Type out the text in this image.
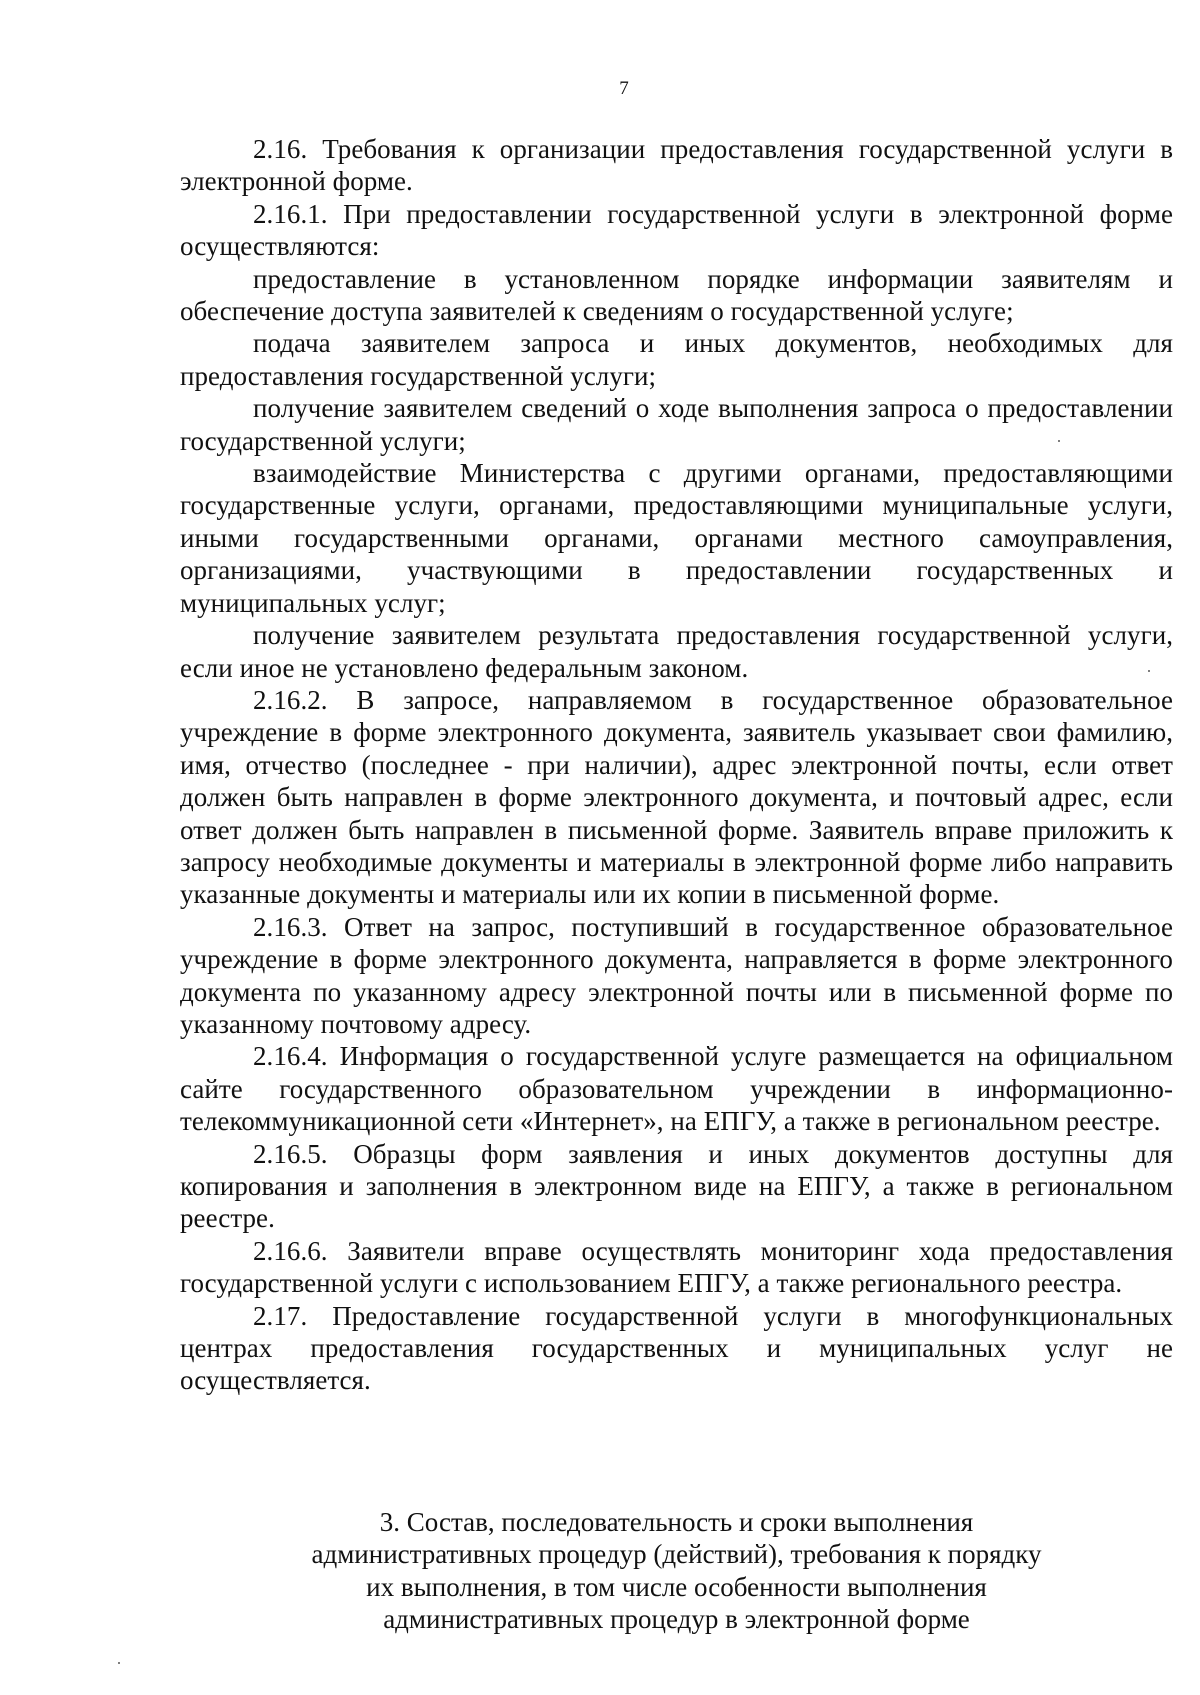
7

2.16. Требования к организации предоставления государственной услуги в электронной форме.

2.16.1. При предоставлении государственной услуги в электронной форме осуществляются:

предоставление в установленном порядке информации заявителям и обеспечение доступа заявителей к сведениям о государственной услуге;

подача заявителем запроса и иных документов, необходимых для предоставления государственной услуги;

получение заявителем сведений о ходе выполнения запроса о предоставлении государственной услуги;

взаимодействие Министерства с другими органами, предоставляющими государственные услуги, органами, предоставляющими муниципальные услуги, иными государственными органами, органами местного самоуправления, организациями, участвующими в предоставлении государственных и муниципальных услуг;

получение заявителем результата предоставления государственной услуги, если иное не установлено федеральным законом.

2.16.2. В запросе, направляемом в государственное образовательное учреждение в форме электронного документа, заявитель указывает свои фамилию, имя, отчество (последнее - при наличии), адрес электронной почты, если ответ должен быть направлен в форме электронного документа, и почтовый адрес, если ответ должен быть направлен в письменной форме. Заявитель вправе приложить к запросу необходимые документы и материалы в электронной форме либо направить указанные документы и материалы или их копии в письменной форме.

2.16.3. Ответ на запрос, поступивший в государственное образовательное учреждение в форме электронного документа, направляется в форме электронного документа по указанному адресу электронной почты или в письменной форме по указанному почтовому адресу.

2.16.4. Информация о государственной услуге размещается на официальном сайте государственного образовательном учреждении в информационно-телекоммуникационной сети «Интернет», на ЕПГУ, а также в региональном реестре.

2.16.5. Образцы форм заявления и иных документов доступны для копирования и заполнения в электронном виде на ЕПГУ, а также в региональном реестре.

2.16.6. Заявители вправе осуществлять мониторинг хода предоставления государственной услуги с использованием ЕПГУ, а также регионального реестра.

2.17. Предоставление государственной услуги в многофункциональных центрах предоставления государственных и муниципальных услуг не осуществляется.

3. Состав, последовательность и сроки выполнения
административных процедур (действий), требования к порядку
их выполнения, в том числе особенности выполнения
административных процедур в электронной форме
